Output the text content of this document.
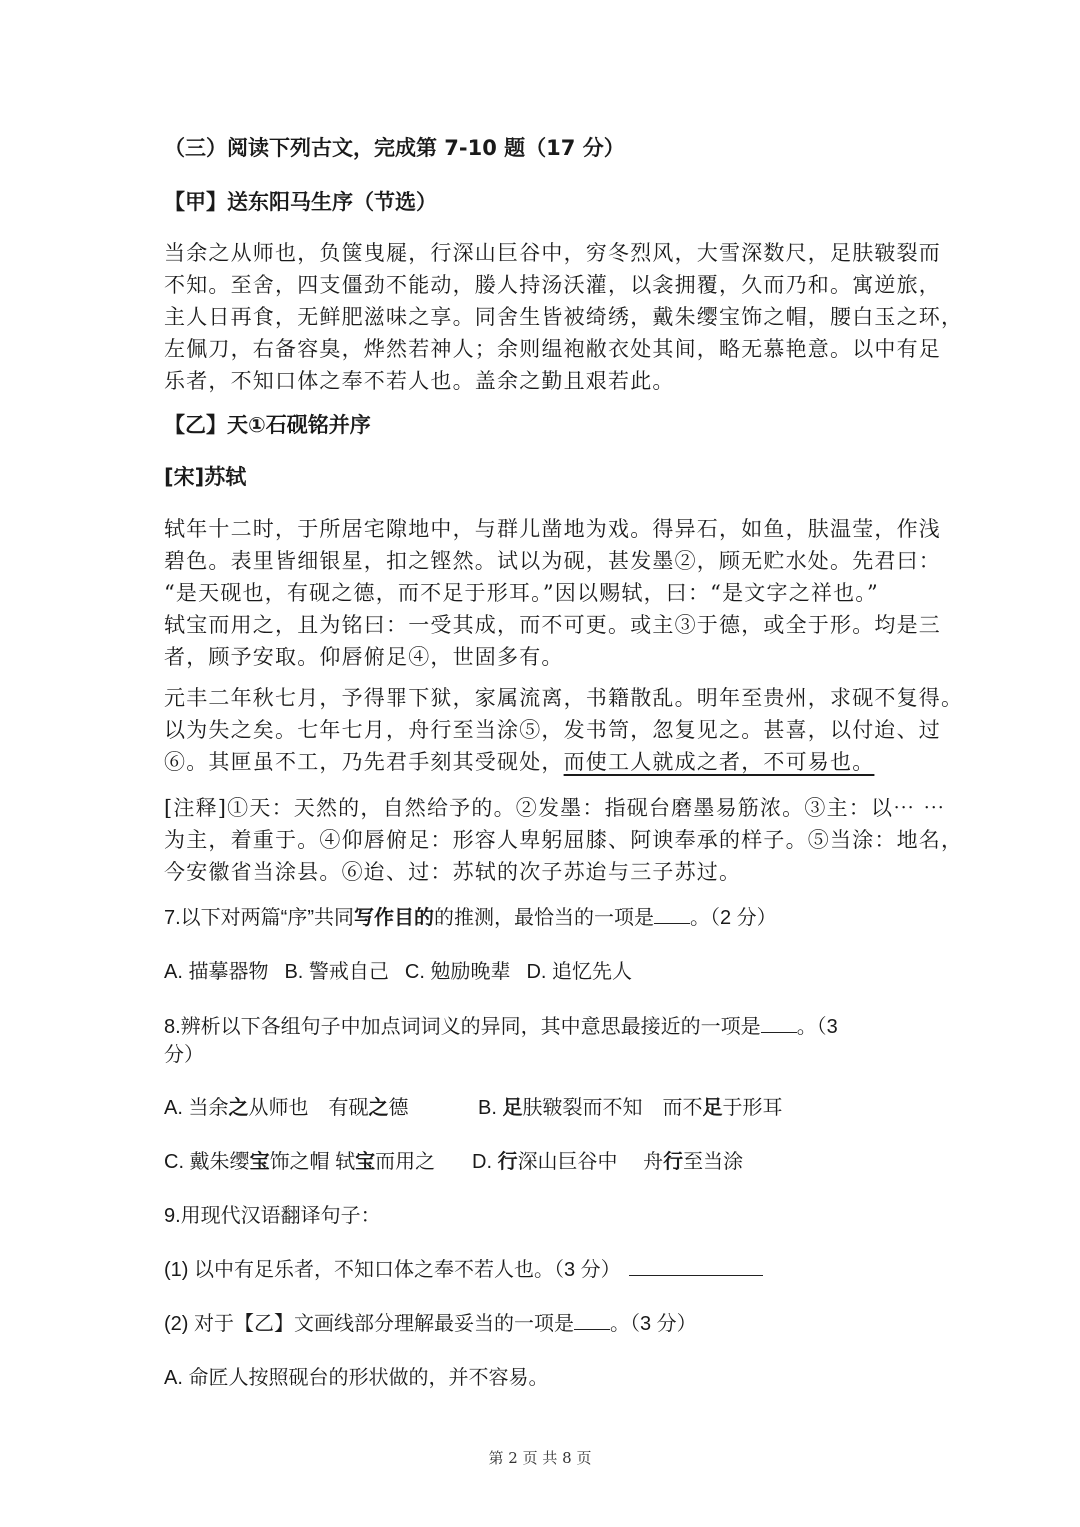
（三）阅读下列古文，完成第 7-10 题（17 分）
【甲】送东阳马生序（节选）
当余之从师也，负箧曳屣，行深山巨谷中，穷冬烈风，大雪深数尺，足肤皲裂而
不知。至舍，四支僵劲不能动，媵人持汤沃灌，以衾拥覆，久而乃和。寓逆旅，
主人日再食，无鲜肥滋味之享。同舍生皆被绮绣，戴朱缨宝饰之帽，腰白玉之环，
左佩刀，右备容臭，烨然若神人；余则缊袍敝衣处其间，略无慕艳意。以中有足
乐者，不知口体之奉不若人也。盖余之勤且艰若此。
【乙】天①石砚铭并序
[宋]苏轼
轼年十二时，于所居宅隙地中，与群儿凿地为戏。得异石，如鱼，肤温莹，作浅
碧色。表里皆细银星，扣之铿然。试以为砚，甚发墨②，顾无贮水处。先君曰：
“是天砚也，有砚之德，而不足于形耳。”因以赐轼，曰：“是文字之祥也。”
轼宝而用之，且为铭曰：一受其成，而不可更。或主③于德，或全于形。均是三
者，顾予安取。仰唇俯足④，世固多有。
元丰二年秋七月，予得罪下狱，家属流离，书籍散乱。明年至贵州，求砚不复得。
以为失之矣。七年七月，舟行至当涂⑤，发书笥，忽复见之。甚喜，以付迨、过
⑥。其匣虽不工，乃先君手刻其受砚处，而使工人就成之者，不可易也。
[注释]①天：天然的，自然给予的。②发墨：指砚台磨墨易筋浓。③主：以⋯ ⋯
为主，着重于。④仰唇俯足：形容人卑躬屈膝、阿谀奉承的样子。⑤当涂：地名，
今安徽省当涂县。⑥迨、过：苏轼的次子苏迨与三子苏过。
7.以下对两篇“序”共同写作目的的推测，最恰当的一项是 。（2 分）
A. 描摹器物 B. 警戒自己 C. 勉励晚辈 D. 追忆先人
8.辨析以下各组句子中加点词词义的异同，其中意思最接近的一项是 。（3
分）
A. 当余之从师也　有砚之德	B. 足肤皲裂而不知　而不足于形耳
C. 戴朱缨宝饰之帽 轼宝而用之 D. 行深山巨谷中　 舟行至当涂
9.用现代汉语翻译句子：
(1) 以中有足乐者，不知口体之奉不若人也。（3 分）
(2) 对于【乙】文画线部分理解最妥当的一项是 。（3 分）
A. 命匠人按照砚台的形状做的，并不容易。
第 2 页 共 8 页
